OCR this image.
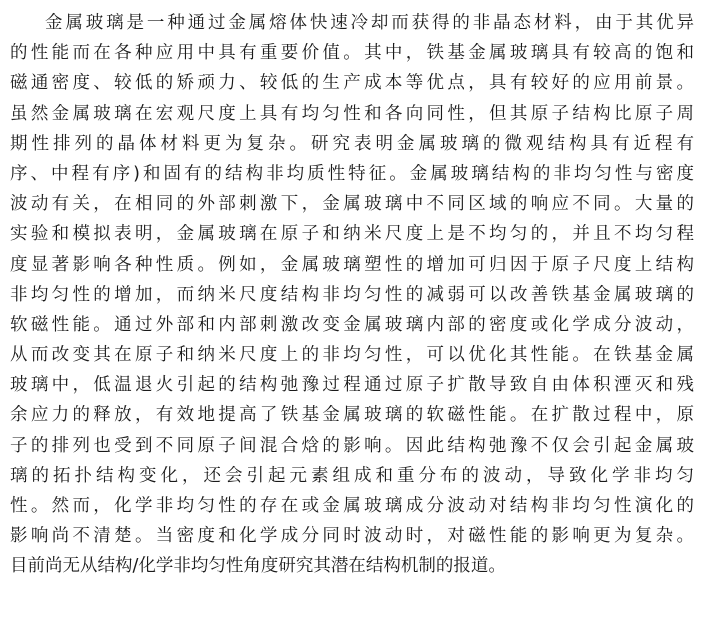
金属玻璃是一种通过金属熔体快速冷却而获得的非晶态材料，由于其优异
的性能而在各种应用中具有重要价值。其中，铁基金属玻璃具有较高的饱和
磁通密度、较低的矫顽力、较低的生产成本等优点，具有较好的应用前景。
虽然金属玻璃在宏观尺度上具有均匀性和各向同性，但其原子结构比原子周
期性排列的晶体材料更为复杂。研究表明金属玻璃的微观结构具有近程有
序、中程有序)和固有的结构非均质性特征。金属玻璃结构的非均匀性与密度
波动有关，在相同的外部刺激下，金属玻璃中不同区域的响应不同。大量的
实验和模拟表明，金属玻璃在原子和纳米尺度上是不均匀的，并且不均匀程
度显著影响各种性质。例如，金属玻璃塑性的增加可归因于原子尺度上结构
非均匀性的增加，而纳米尺度结构非均匀性的减弱可以改善铁基金属玻璃的
软磁性能。通过外部和内部刺激改变金属玻璃内部的密度或化学成分波动，
从而改变其在原子和纳米尺度上的非均匀性，可以优化其性能。在铁基金属
玻璃中，低温退火引起的结构弛豫过程通过原子扩散导致自由体积湮灭和残
余应力的释放，有效地提高了铁基金属玻璃的软磁性能。在扩散过程中，原
子的排列也受到不同原子间混合焓的影响。因此结构弛豫不仅会引起金属玻
璃的拓扑结构变化，还会引起元素组成和重分布的波动，导致化学非均匀
性。然而，化学非均匀性的存在或金属玻璃成分波动对结构非均匀性演化的
影响尚不清楚。当密度和化学成分同时波动时，对磁性能的影响更为复杂。
目前尚无从结构/化学非均匀性角度研究其潜在结构机制的报道。
